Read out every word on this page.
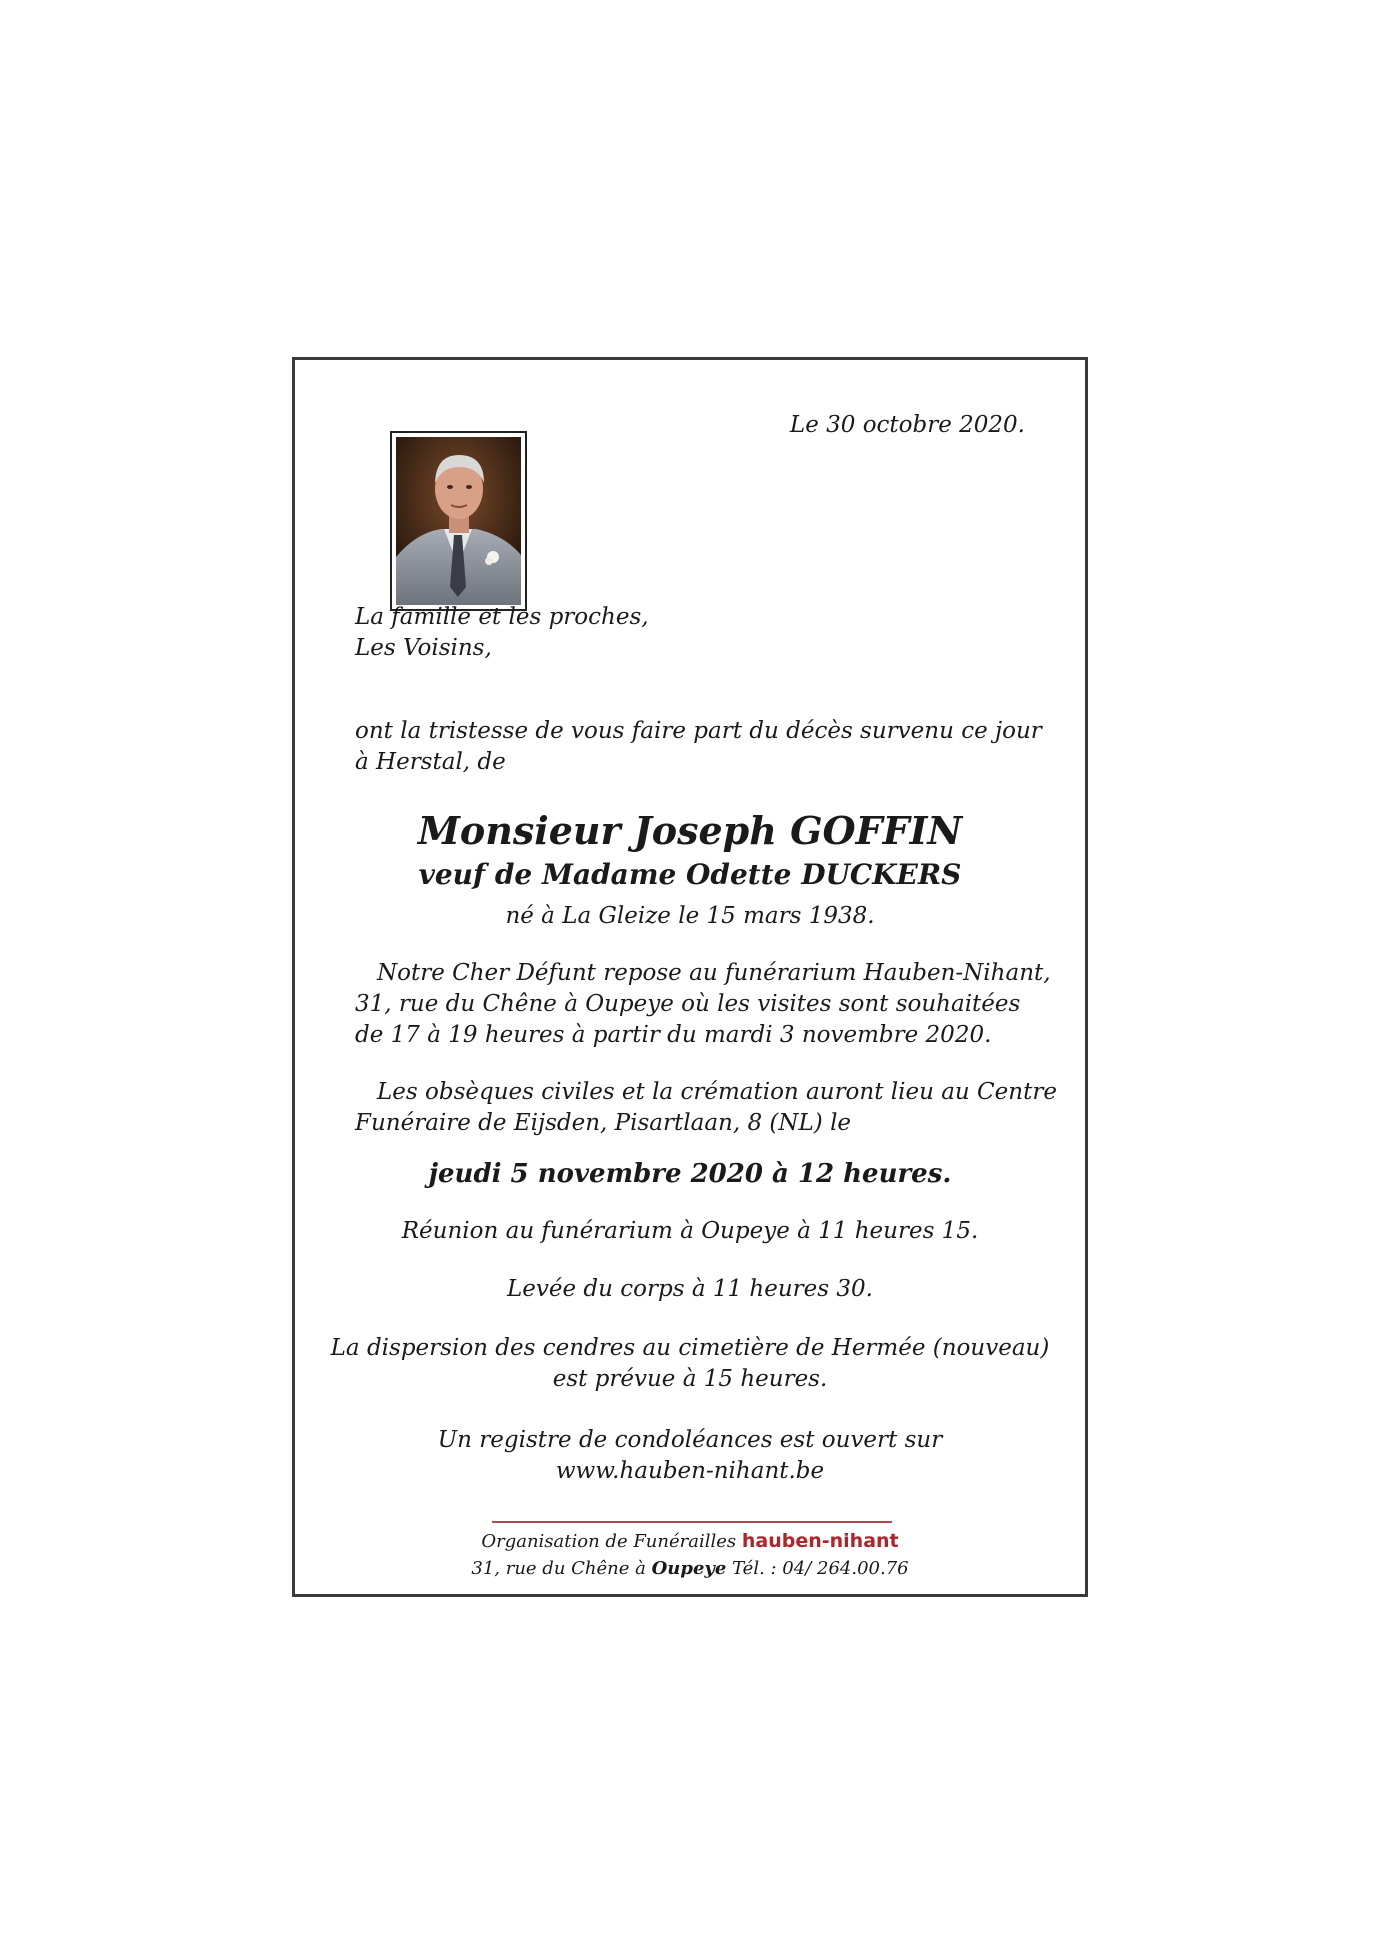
Le 30 octobre 2020.
La famille et les proches,
Les Voisins,
ont la tristesse de vous faire part du décès survenu ce jour
à Herstal, de
Monsieur Joseph GOFFIN
veuf de Madame Odette DUCKERS
né à La Gleize le 15 mars 1938.
Notre Cher Défunt repose au funérarium Hauben-Nihant,
31, rue du Chêne à Oupeye où les visites sont souhaitées
de 17 à 19 heures à partir du mardi 3 novembre 2020.
Les obsèques civiles et la crémation auront lieu au Centre
Funéraire de Eijsden, Pisartlaan, 8 (NL) le
jeudi 5 novembre 2020 à 12 heures.
Réunion au funérarium à Oupeye à 11 heures 15.
Levée du corps à 11 heures 30.
La dispersion des cendres au cimetière de Hermée (nouveau)
est prévue à 15 heures.
Un registre de condoléances est ouvert sur
www.hauben-nihant.be
Organisation de Funérailles hauben-nihant
31, rue du Chêne à Oupeye Tél. : 04/ 264.00.76
